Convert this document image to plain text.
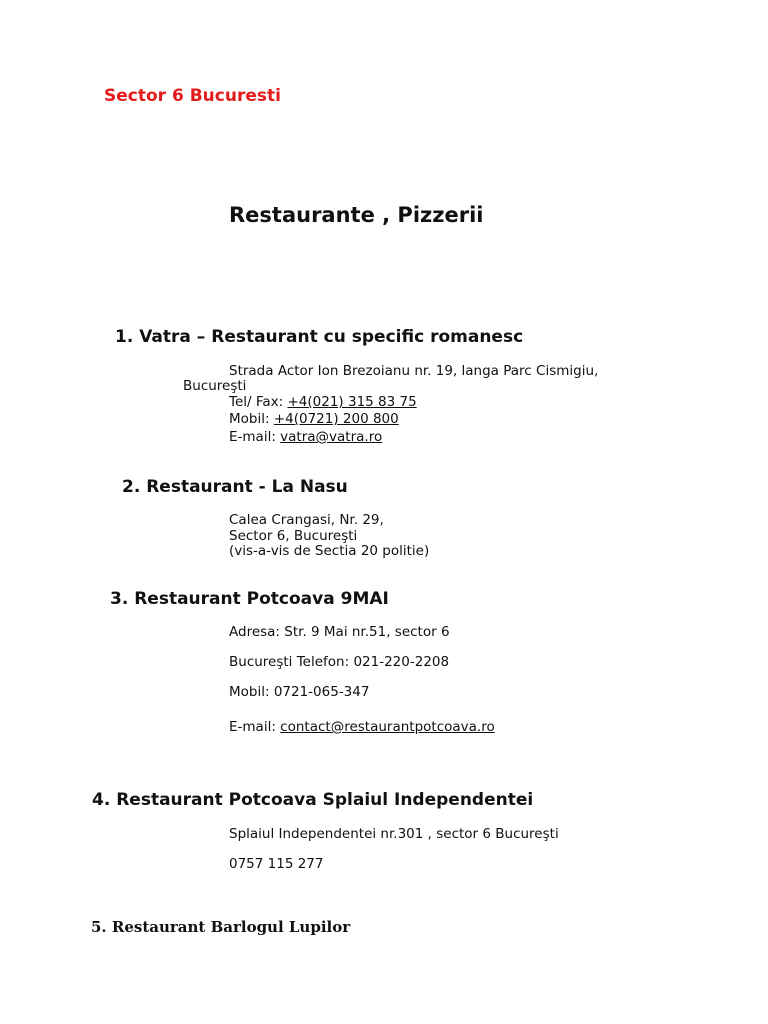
Sector 6 Bucuresti
Restaurante , Pizzerii
1. Vatra – Restaurant cu specific romanesc
Strada Actor Ion Brezoianu nr. 19, langa Parc Cismigiu,
Bucureşti
Tel/ Fax: +4(021) 315 83 75
Mobil: +4(0721) 200 800
E-mail: vatra@vatra.ro
2. Restaurant - La Nasu
Calea Crangasi, Nr. 29,
Sector 6, Bucureşti
(vis-a-vis de Sectia 20 politie)
3. Restaurant Potcoava 9MAI
Adresa: Str. 9 Mai nr.51, sector 6
Bucureşti Telefon: 021-220-2208
Mobil: 0721-065-347
E-mail: contact@restaurantpotcoava.ro
4. Restaurant Potcoava Splaiul Independentei
Splaiul Independentei nr.301 , sector 6 Bucureşti
0757 115 277
5. Restaurant Barlogul Lupilor
